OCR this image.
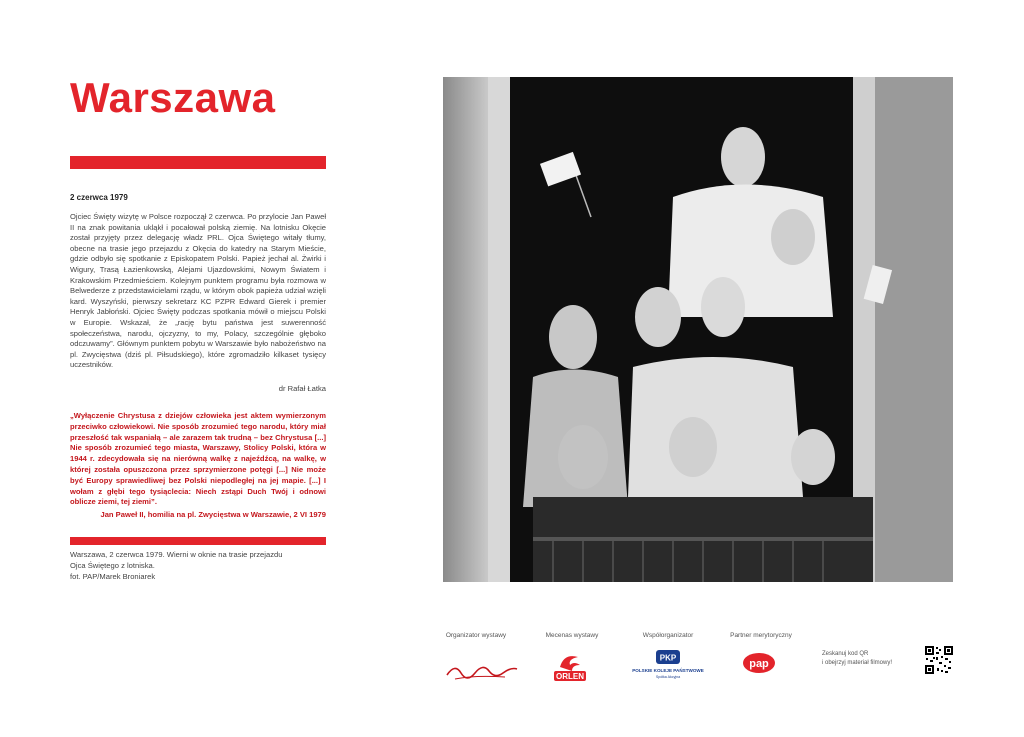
Warszawa
2 czerwca 1979

Ojciec Święty wizytę w Polsce rozpoczął 2 czerwca. Po przylocie Jan Paweł II na znak powitania ukląkł i pocałował polską ziemię. Na lotnisku Okęcie został przyjęty przez delegację władz PRL. Ojca Świętego witały tłumy, obecne na trasie jego przejazdu z Okęcia do katedry na Starym Mieście, gdzie odbyło się spotkanie z Episkopatem Polski. Papież jechał al. Żwirki i Wigury, Trasą Łazienkowską, Alejami Ujazdowskimi, Nowym Światem i Krakowskim Przedmieściem. Kolejnym punktem programu była rozmowa w Belwederze z przedstawicielami rządu, w którym obok papieża udział wzięli kard. Wyszyński, pierwszy sekretarz KC PZPR Edward Gierek i premier Henryk Jabłoński. Ojciec Święty podczas spotkania mówił o miejscu Polski w Europie. Wskazał, że „rację bytu państwa jest suwerenność społeczeństwa, narodu, ojczyzny, to my, Polacy, szczególnie głęboko odczuwamy”. Głównym punktem pobytu w Warszawie było nabożeństwo na pl. Zwycięstwa (dziś pl. Piłsudskiego), które zgromadziło kilkaset tysięcy uczestników.

dr Rafał Łatka

„Wyłączenie Chrystusa z dziejów człowieka jest aktem wymierzonym przeciwko człowiekowi. Nie sposób zrozumieć tego narodu, który miał przeszłość tak wspaniałą – ale zarazem tak trudną – bez Chrystusa [...] Nie sposób zrozumieć tego miasta, Warszawy, Stolicy Polski, która w 1944 r. zdecydowała się na nierówną walkę z najeźdźcą, na walkę, w której została opuszczona przez sprzymierzone potęgi [...] Nie może być Europy sprawiedliwej bez Polski niepodległej na jej mapie. [...] I wołam z głębi tego tysiąclecia: Niech zstąpi Duch Twój i odnowi oblicze ziemi, tej ziemi”.

Jan Paweł II, homilia na pl. Zwycięstwa w Warszawie, 2 VI 1979
Warszawa, 2 czerwca 1979. Wierni w oknie na trasie przejazdu
Ojca Świętego z lotniska.
fot. PAP/Marek Broniarek
Organizator wystawy	Mecenas wystawy
ORLEN
Współorganizator
PKP
POLSKIE KOLEJE PAŃSTWOWE
Spółka Akcyjna
Partner merytoryczny
pap
Zeskanuj kod QR
i obejrzyj materiał filmowy!
